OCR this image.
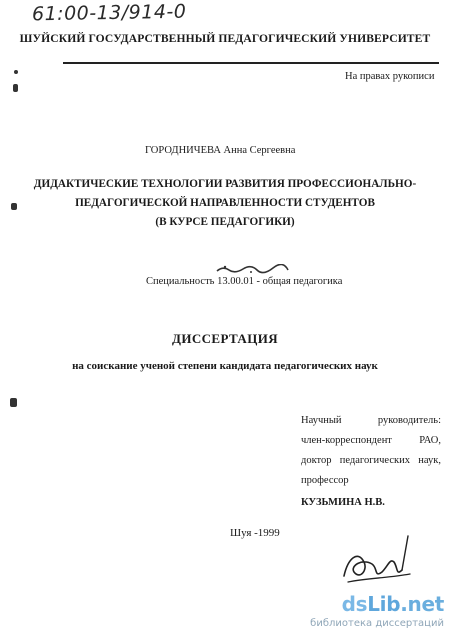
61:00-13/914-0
ШУЙСКИЙ ГОСУДАРСТВЕННЫЙ ПЕДАГОГИЧЕСКИЙ УНИВЕРСИТЕТ
На правах рукописи
ГОРОДНИЧЕВА Анна Сергеевна
ДИДАКТИЧЕСКИЕ ТЕХНОЛОГИИ РАЗВИТИЯ ПРОФЕССИОНАЛЬНО-
ПЕДАГОГИЧЕСКОЙ НАПРАВЛЕННОСТИ СТУДЕНТОВ
(В КУРСЕ ПЕДАГОГИКИ)
Специальность 13.00.01 - общая педагогика
ДИССЕРТАЦИЯ
на соискание ученой степени кандидата педагогических наук
Научный	руководитель:
член-корреспондент	РАО,
доктор педагогических наук,
профессор
КУЗЬМИНА Н.В.
Шуя -1999
dsLib.net
библиотека диссертаций
